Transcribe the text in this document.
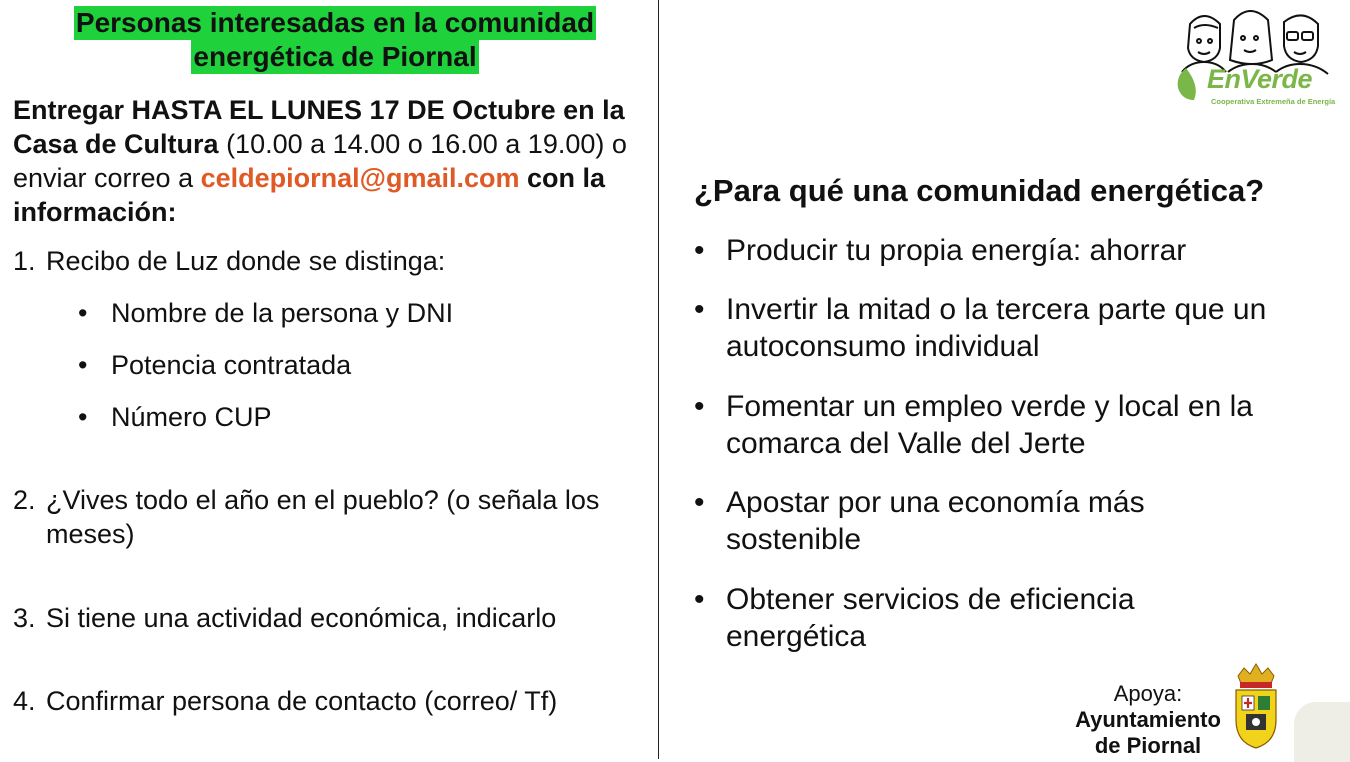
Personas interesadas en la comunidad
energética de Piornal
Entregar HASTA EL LUNES 17 DE Octubre en la Casa de Cultura (10.00 a 14.00 o 16.00 a 19.00) o enviar correo a celdepiornal@gmail.com con la información:
1. Recibo de Luz donde se distinga:
• Nombre de la persona y DNI
• Potencia contratada
• Número CUP
2. ¿Vives todo el año en el pueblo? (o señala los meses)
3. Si tiene una actividad económica, indicarlo
4. Confirmar persona de contacto (correo/ Tf)
¿Para qué una comunidad energética?
• Producir tu propia energía: ahorrar
• Invertir la mitad o la tercera parte que un autoconsumo individual
• Fomentar un empleo verde y local en la comarca del Valle del Jerte
• Apostar por una economía más sostenible
• Obtener servicios de eficiencia energética
EnVerde
Cooperativa Extremeña de Energía
Apoya:
Ayuntamiento de Piornal
